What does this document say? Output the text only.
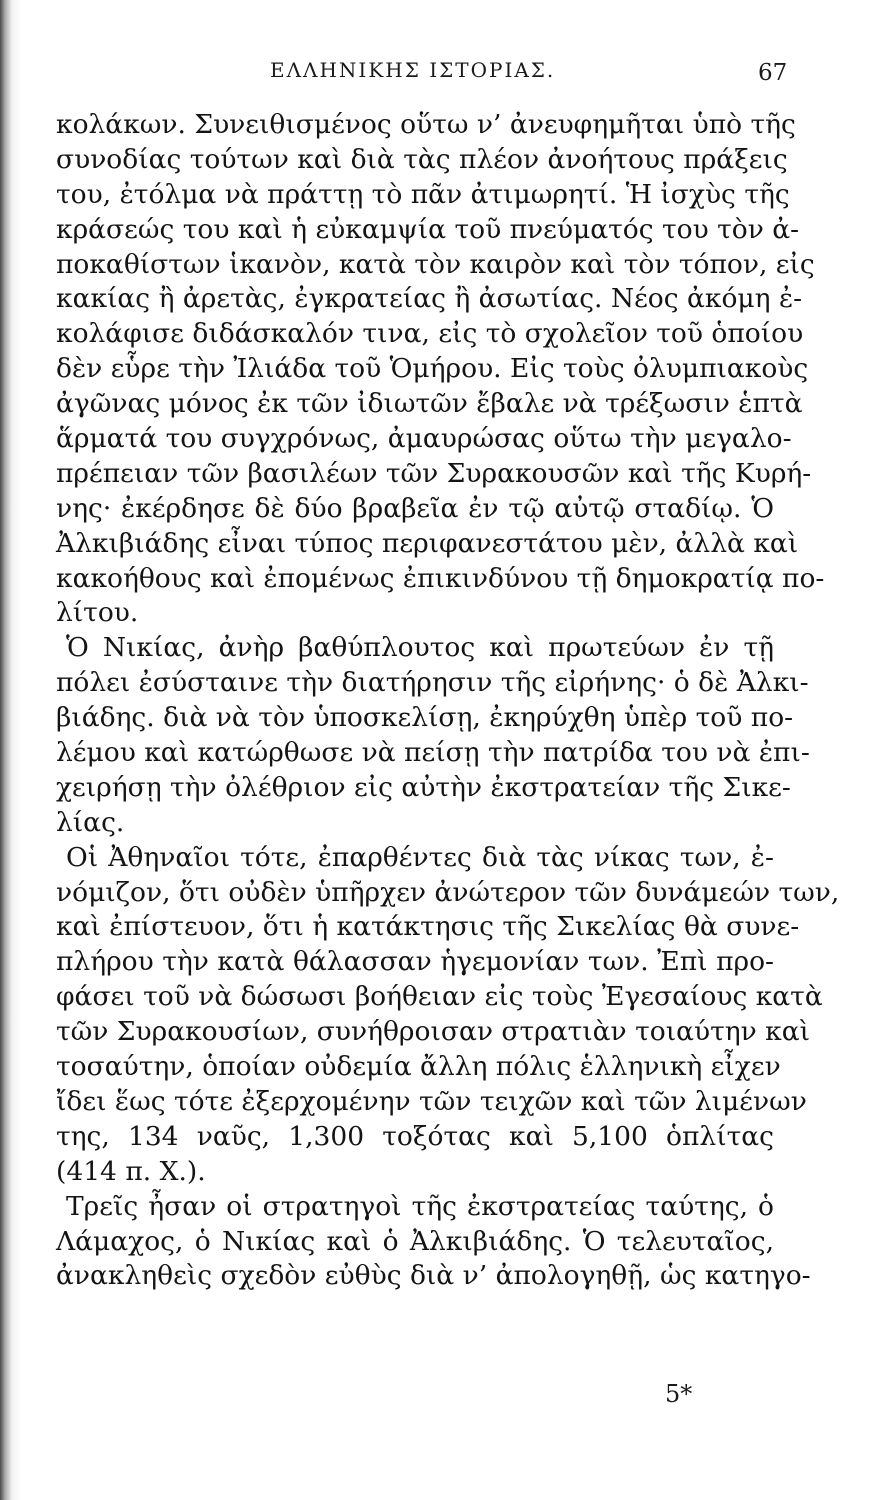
ΕΛΛΗΝΙΚΗΣ ΙΣΤΟΡΙΑΣ.	67
κολάκων. Συνειθισμένος οὕτω ν’ ἀνευφημῆται ὑπὸ τῆς
συνοδίας τούτων καὶ διὰ τὰς πλέον ἀνοήτους πράξεις
του, ἐτόλμα νὰ πράττῃ τὸ πᾶν ἀτιμωρητί. Ἡ ἰσχὺς τῆς
κράσεώς του καὶ ἡ εὐκαμψία τοῦ πνεύματός του τὸν ἀ-
ποκαθίστων ἱκανὸν, κατὰ τὸν καιρὸν καὶ τὸν τόπον, εἰς
κακίας ἢ ἀρετὰς, ἐγκρατείας ἢ ἀσωτίας. Νέος ἀκόμη ἐ-
κολάφισε διδάσκαλόν τινα, εἰς τὸ σχολεῖον τοῦ ὁποίου
δὲν εὗρε τὴν Ἰλιάδα τοῦ Ὁμήρου. Εἰς τοὺς ὀλυμπιακοὺς
ἀγῶνας μόνος ἐκ τῶν ἰδιωτῶν ἔβαλε νὰ τρέξωσιν ἑπτὰ
ἅρματά του συγχρόνως, ἀμαυρώσας οὕτω τὴν μεγαλο-
πρέπειαν τῶν βασιλέων τῶν Συρακουσῶν καὶ τῆς Κυρή-
νης· ἐκέρδησε δὲ δύο βραβεῖα ἐν τῷ αὐτῷ σταδίῳ. Ὁ
Ἀλκιβιάδης εἶναι τύπος περιφανεστάτου μὲν, ἀλλὰ καὶ
κακοήθους καὶ ἐπομένως ἐπικινδύνου τῇ δημοκρατίᾳ πο-
λίτου.
Ὁ Νικίας, ἀνὴρ βαθύπλουτος καὶ πρωτεύων ἐν τῇ
πόλει ἐσύσταινε τὴν διατήρησιν τῆς εἰρήνης· ὁ δὲ Ἀλκι-
βιάδης. διὰ νὰ τὸν ὑποσκελίσῃ, ἐκηρύχθη ὑπὲρ τοῦ πο-
λέμου καὶ κατώρθωσε νὰ πείσῃ τὴν πατρίδα του νὰ ἐπι-
χειρήσῃ τὴν ὀλέθριον εἰς αὐτὴν ἐκστρατείαν τῆς Σικε-
λίας.
Οἱ Ἀθηναῖοι τότε, ἐπαρθέντες διὰ τὰς νίκας των, ἐ-
νόμιζον, ὅτι οὐδὲν ὑπῆρχεν ἀνώτερον τῶν δυνάμεών των,
καὶ ἐπίστευον, ὅτι ἡ κατάκτησις τῆς Σικελίας θὰ συνε-
πλήρου τὴν κατὰ θάλασσαν ἡγεμονίαν των. Ἐπὶ προ-
φάσει τοῦ νὰ δώσωσι βοήθειαν εἰς τοὺς Ἐγεσαίους κατὰ
τῶν Συρακουσίων, συνήθροισαν στρατιὰν τοιαύτην καὶ
τοσαύτην, ὁποίαν οὐδεμία ἄλλη πόλις ἑλληνικὴ εἶχεν
ἴδει ἕως τότε ἐξερχομένην τῶν τειχῶν καὶ τῶν λιμένων
της, 134 ναῦς, 1,300 τοξότας καὶ 5,100 ὁπλίτας
(414 π. Χ.).
Τρεῖς ἦσαν οἱ στρατηγοὶ τῆς ἐκστρατείας ταύτης, ὁ
Λάμαχος, ὁ Νικίας καὶ ὁ Ἀλκιβιάδης. Ὁ τελευταῖος,
ἀνακληθεὶς σχεδὸν εὐθὺς διὰ ν’ ἀπολογηθῇ, ὡς κατηγο-
5*
